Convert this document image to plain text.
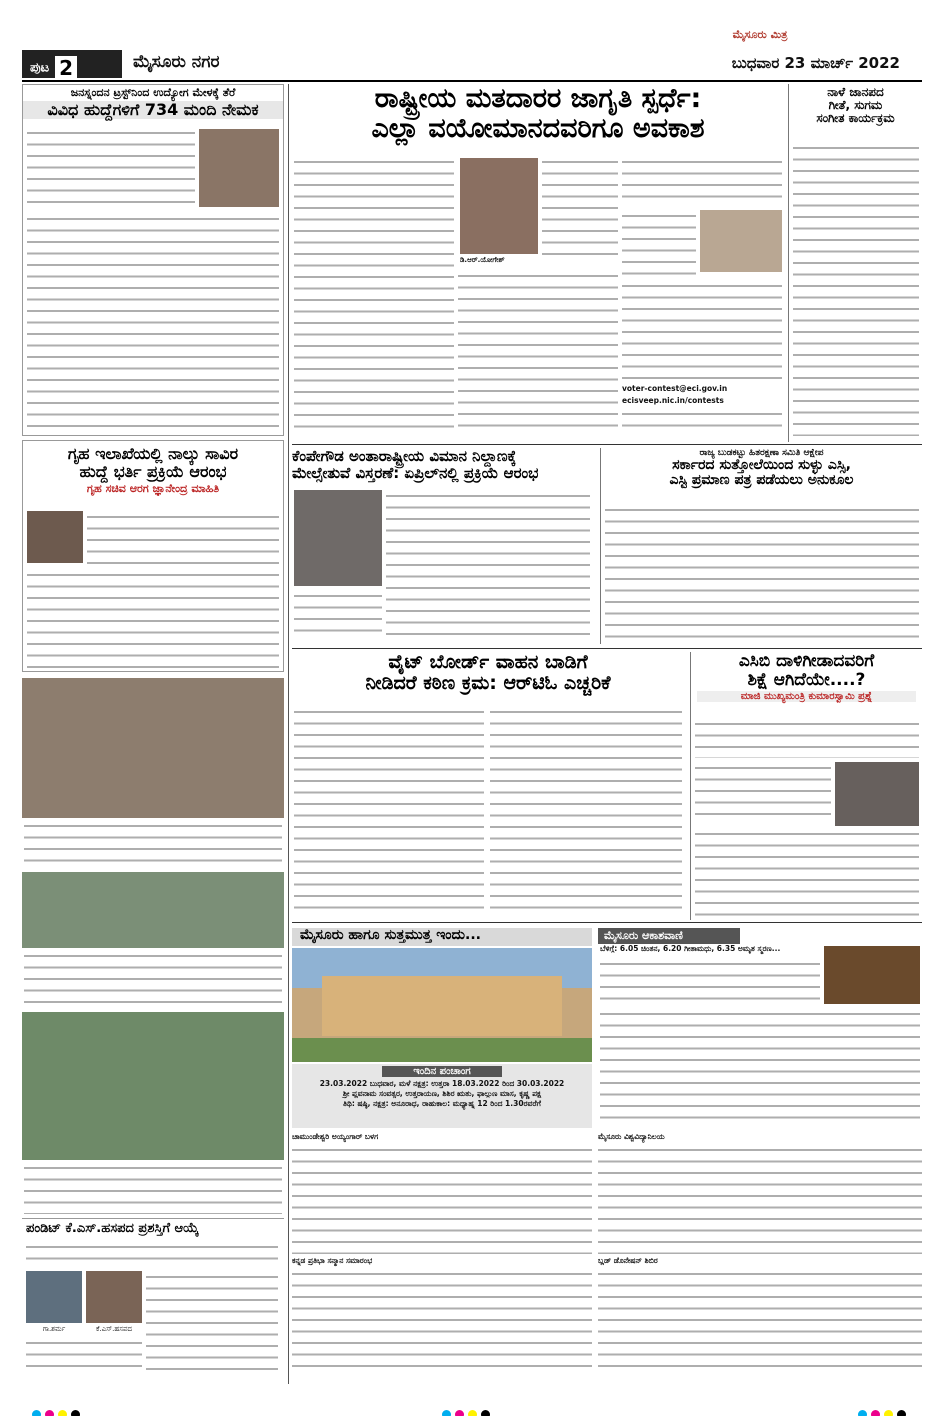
ಮೈಸೂರು ಮಿತ್ರ
ಪುಟ 2	ಮೈಸೂರು ನಗರ	ಬುಧವಾರ 23 ಮಾರ್ಚ್ 2022
ಜನಸ್ನಂದನ ಟ್ರಸ್ಟ್‌ನಿಂದ ಉದ್ಯೋಗ ಮೇಳಕ್ಕೆ ತೆರೆ
ವಿವಿಧ ಹುದ್ದೆಗಳಿಗೆ 734 ಮಂದಿ ನೇಮಕ
ಗೃಹ ಇಲಾಖೆಯಲ್ಲಿ ನಾಲ್ಕು ಸಾವಿರ
ಹುದ್ದೆ ಭರ್ತಿ ಪ್ರಕ್ರಿಯೆ ಆರಂಭ
ಗೃಹ ಸಚಿವ ಆರಗ ಜ್ಞಾನೇಂದ್ರ ಮಾಹಿತಿ
ಪಂಡಿಟ್ ಕೆ.ಎಸ್.ಹಸಪದ ಪ್ರಶಸ್ತಿಗೆ ಆಯ್ಕೆ
ಗಾ.ಶರ್ಮ	ಕೆ.ಎಸ್.ಹಸಪದ
ರಾಷ್ಟ್ರೀಯ ಮತದಾರರ ಜಾಗೃತಿ ಸ್ಪರ್ಧೆ:
ಎಲ್ಲಾ ವಯೋಮಾನದವರಿಗೂ ಅವಕಾಶ
ಡಿ.ಆರ್.ಯೋಗೇಶ್
voter-contest@eci.gov.in
ecisveep.nic.in/contests
ನಾಳೆ ಜಾನಪದ
ಗೀತೆ, ಸುಗಮ
ಸಂಗೀತ ಕಾರ್ಯಕ್ರಮ
ಕೆಂಪೇಗೌಡ ಅಂತಾರಾಷ್ಟ್ರೀಯ ವಿಮಾನ ನಿಲ್ದಾಣಕ್ಕೆ
ಮೇಲ್ಸೇತುವೆ ವಿಸ್ತರಣೆ: ಏಪ್ರಿಲ್‌ನಲ್ಲಿ ಪ್ರಕ್ರಿಯೆ ಆರಂಭ
ರಾಜ್ಯ ಬುಡಕಟ್ಟು ಹಿತರಕ್ಷಣಾ ಸಮಿತಿ ಆಕ್ಷೇಪ
ಸರ್ಕಾರದ ಸುತ್ತೋಲೆಯಿಂದ ಸುಳ್ಳು ಎಸ್ಸಿ,
ಎಸ್ಟಿ ಪ್ರಮಾಣ ಪತ್ರ ಪಡೆಯಲು ಅನುಕೂಲ
ವೈಟ್ ಬೋರ್ಡ್ ವಾಹನ ಬಾಡಿಗೆ
ನೀಡಿದರೆ ಕಠಿಣ ಕ್ರಮ: ಆರ್‌ಟಿಓ ಎಚ್ಚರಿಕೆ
ಎಸಿಬಿ ದಾಳಿಗೀಡಾದವರಿಗೆ
ಶಿಕ್ಷೆ ಆಗಿದೆಯೇ....?
ಮಾಜಿ ಮುಖ್ಯಮಂತ್ರಿ ಕುಮಾರಸ್ವಾಮಿ ಪ್ರಶ್ನೆ
ಮೈಸೂರು ಹಾಗೂ ಸುತ್ತಮುತ್ತ ಇಂದು...
ಇಂದಿನ ಪಂಚಾಂಗ
23.03.2022 ಬುಧವಾರ, ಮಳೆ ನಕ್ಷತ್ರ: ಉತ್ತರಾ 18.03.2022 ರಿಂದ 30.03.2022
ಶ್ರೀ ಪ್ಲವನಾಮ ಸಂವತ್ಸರ, ಉತ್ತರಾಯಣ, ಶಿಶಿರ ಋತು, ಫಾಲ್ಗುಣ ಮಾಸ, ಕೃಷ್ಣ ಪಕ್ಷ
ತಿಥಿ: ಷಷ್ಠಿ, ನಕ್ಷತ್ರ: ಅನೂರಾಧ, ರಾಹುಕಾಲ: ಮಧ್ಯಾಹ್ನ 12 ರಿಂದ 1.30ರವರೆಗೆ
ಮೈಸೂರು ಆಕಾಶವಾಣಿ
ಬೆಳಿಗ್ಗೆ: 6.05 ಚಿಂತನ, 6.20 ಗೀತಾಮಧು, 6.35 ಅಮೃತ ಸ್ಮರಣ...
ಚಾಮುಂಡೇಶ್ವರಿ ಅಯ್ಯಂಗಾರ್ ಬಳಗ
ಕನ್ನಡ ಪ್ರತಿಭಾ ಸನ್ಮಾನ ಸಮಾರಂಭ
ಮೈಸೂರು ವಿಶ್ವವಿದ್ಯಾನಿಲಯ
ಬ್ಲಡ್ ಡೊನೇಷನ್ ಶಿಬಿರ
